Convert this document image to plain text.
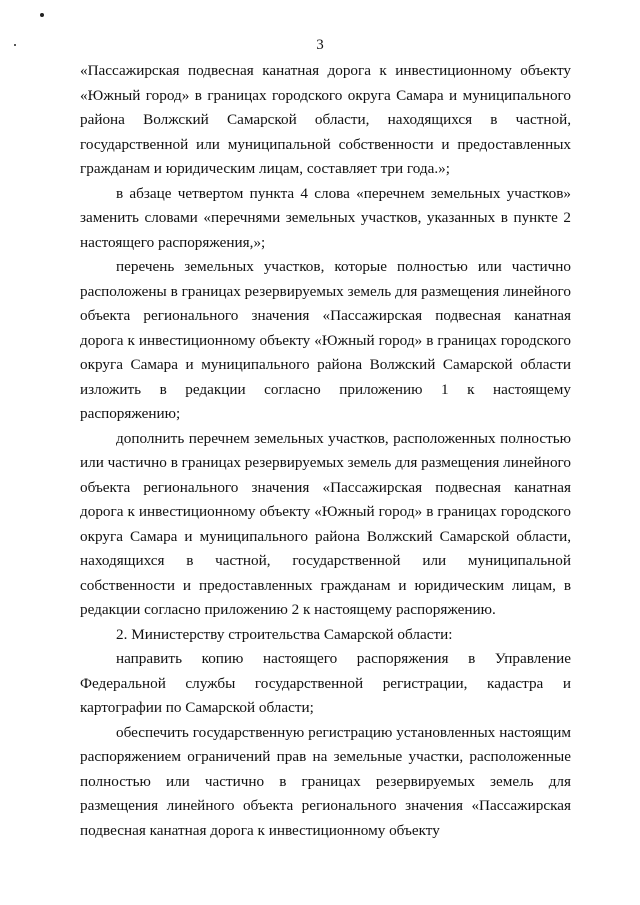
3

«Пассажирская подвесная канатная дорога к инвестиционному объекту «Южный город» в границах городского округа Самара и муниципального района Волжский Самарской области, находящихся в частной, государственной или муниципальной собственности и предоставленных гражданам и юридическим лицам, составляет три года.»;

в абзаце четвертом пункта 4 слова «перечнем земельных участков» заменить словами «перечнями земельных участков, указанных в пункте 2 настоящего распоряжения,»;

перечень земельных участков, которые полностью или частично расположены в границах резервируемых земель для размещения линейного объекта регионального значения «Пассажирская подвесная канатная дорога к инвестиционному объекту «Южный город» в границах городского округа Самара и муниципального района Волжский Самарской области изложить в редакции согласно приложению 1 к настоящему распоряжению;

дополнить перечнем земельных участков, расположенных полностью или частично в границах резервируемых земель для размещения линейного объекта регионального значения «Пассажирская подвесная канатная дорога к инвестиционному объекту «Южный город» в границах городского округа Самара и муниципального района Волжский Самарской области, находящихся в частной, государственной или муниципальной собственности и предоставленных гражданам и юридическим лицам, в редакции согласно приложению 2 к настоящему распоряжению.

2. Министерству строительства Самарской области:

направить копию настоящего распоряжения в Управление Федеральной службы государственной регистрации, кадастра и картографии по Самарской области;

обеспечить государственную регистрацию установленных настоящим распоряжением ограничений прав на земельные участки, расположенные полностью или частично в границах резервируемых земель для размещения линейного объекта регионального значения «Пассажирская подвесная канатная дорога к инвестиционному объекту
